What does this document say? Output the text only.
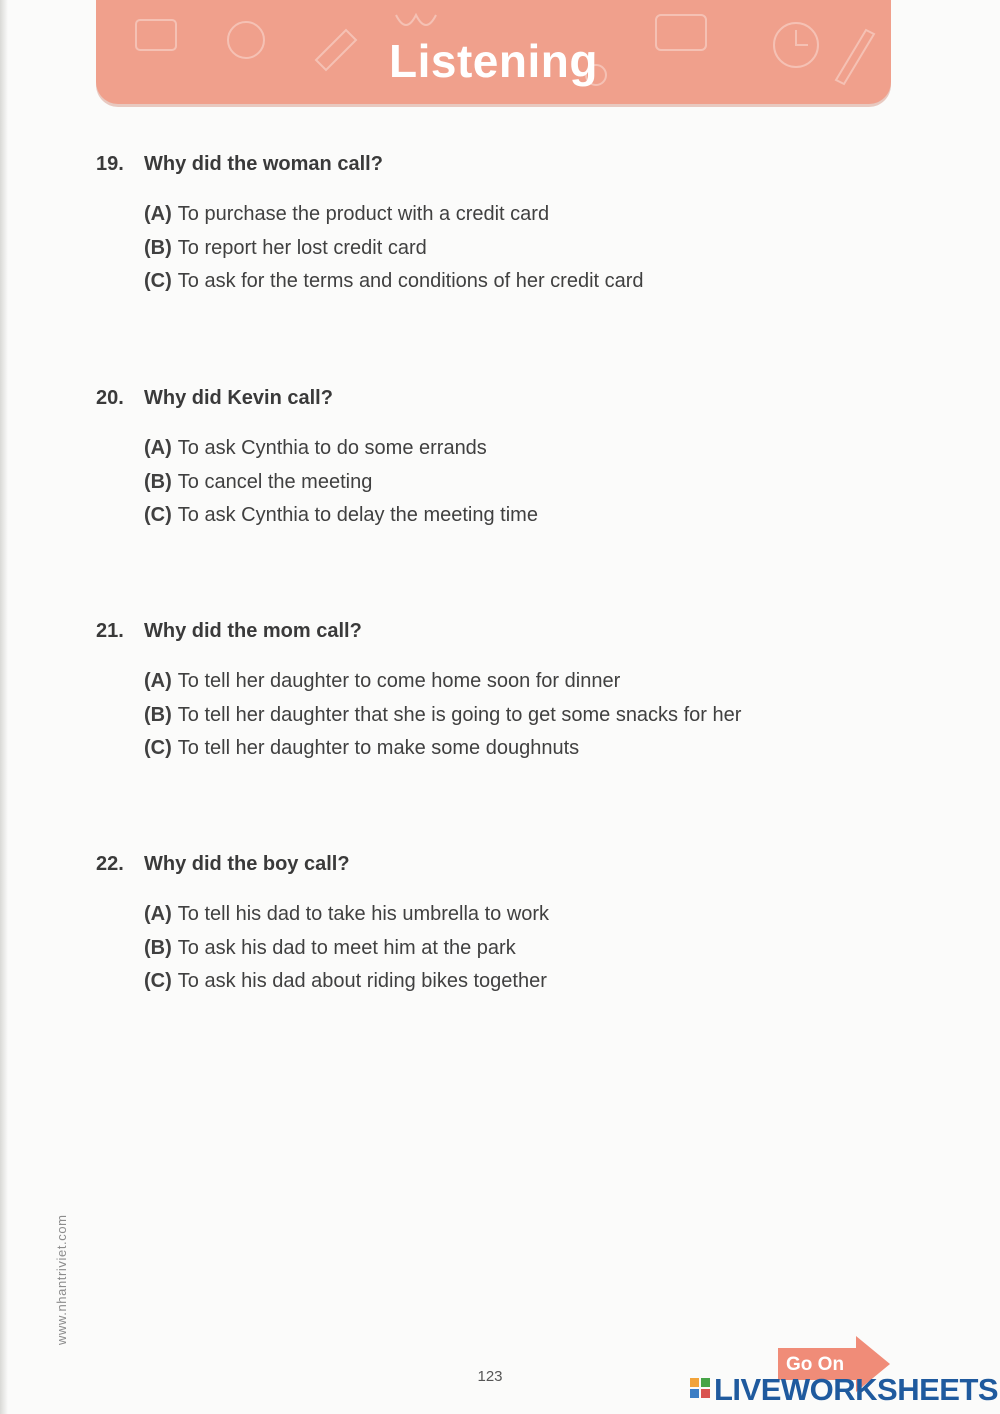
Listening
19. Why did the woman call?
(A) To purchase the product with a credit card
(B) To report her lost credit card
(C) To ask for the terms and conditions of her credit card
20. Why did Kevin call?
(A) To ask Cynthia to do some errands
(B) To cancel the meeting
(C) To ask Cynthia to delay the meeting time
21. Why did the mom call?
(A) To tell her daughter to come home soon for dinner
(B) To tell her daughter that she is going to get some snacks for her
(C) To tell her daughter to make some doughnuts
22. Why did the boy call?
(A) To tell his dad to take his umbrella to work
(B) To ask his dad to meet him at the park
(C) To ask his dad about riding bikes together
www.nhantriviet.com
123
Go On
LIVEWORKSHEETS
